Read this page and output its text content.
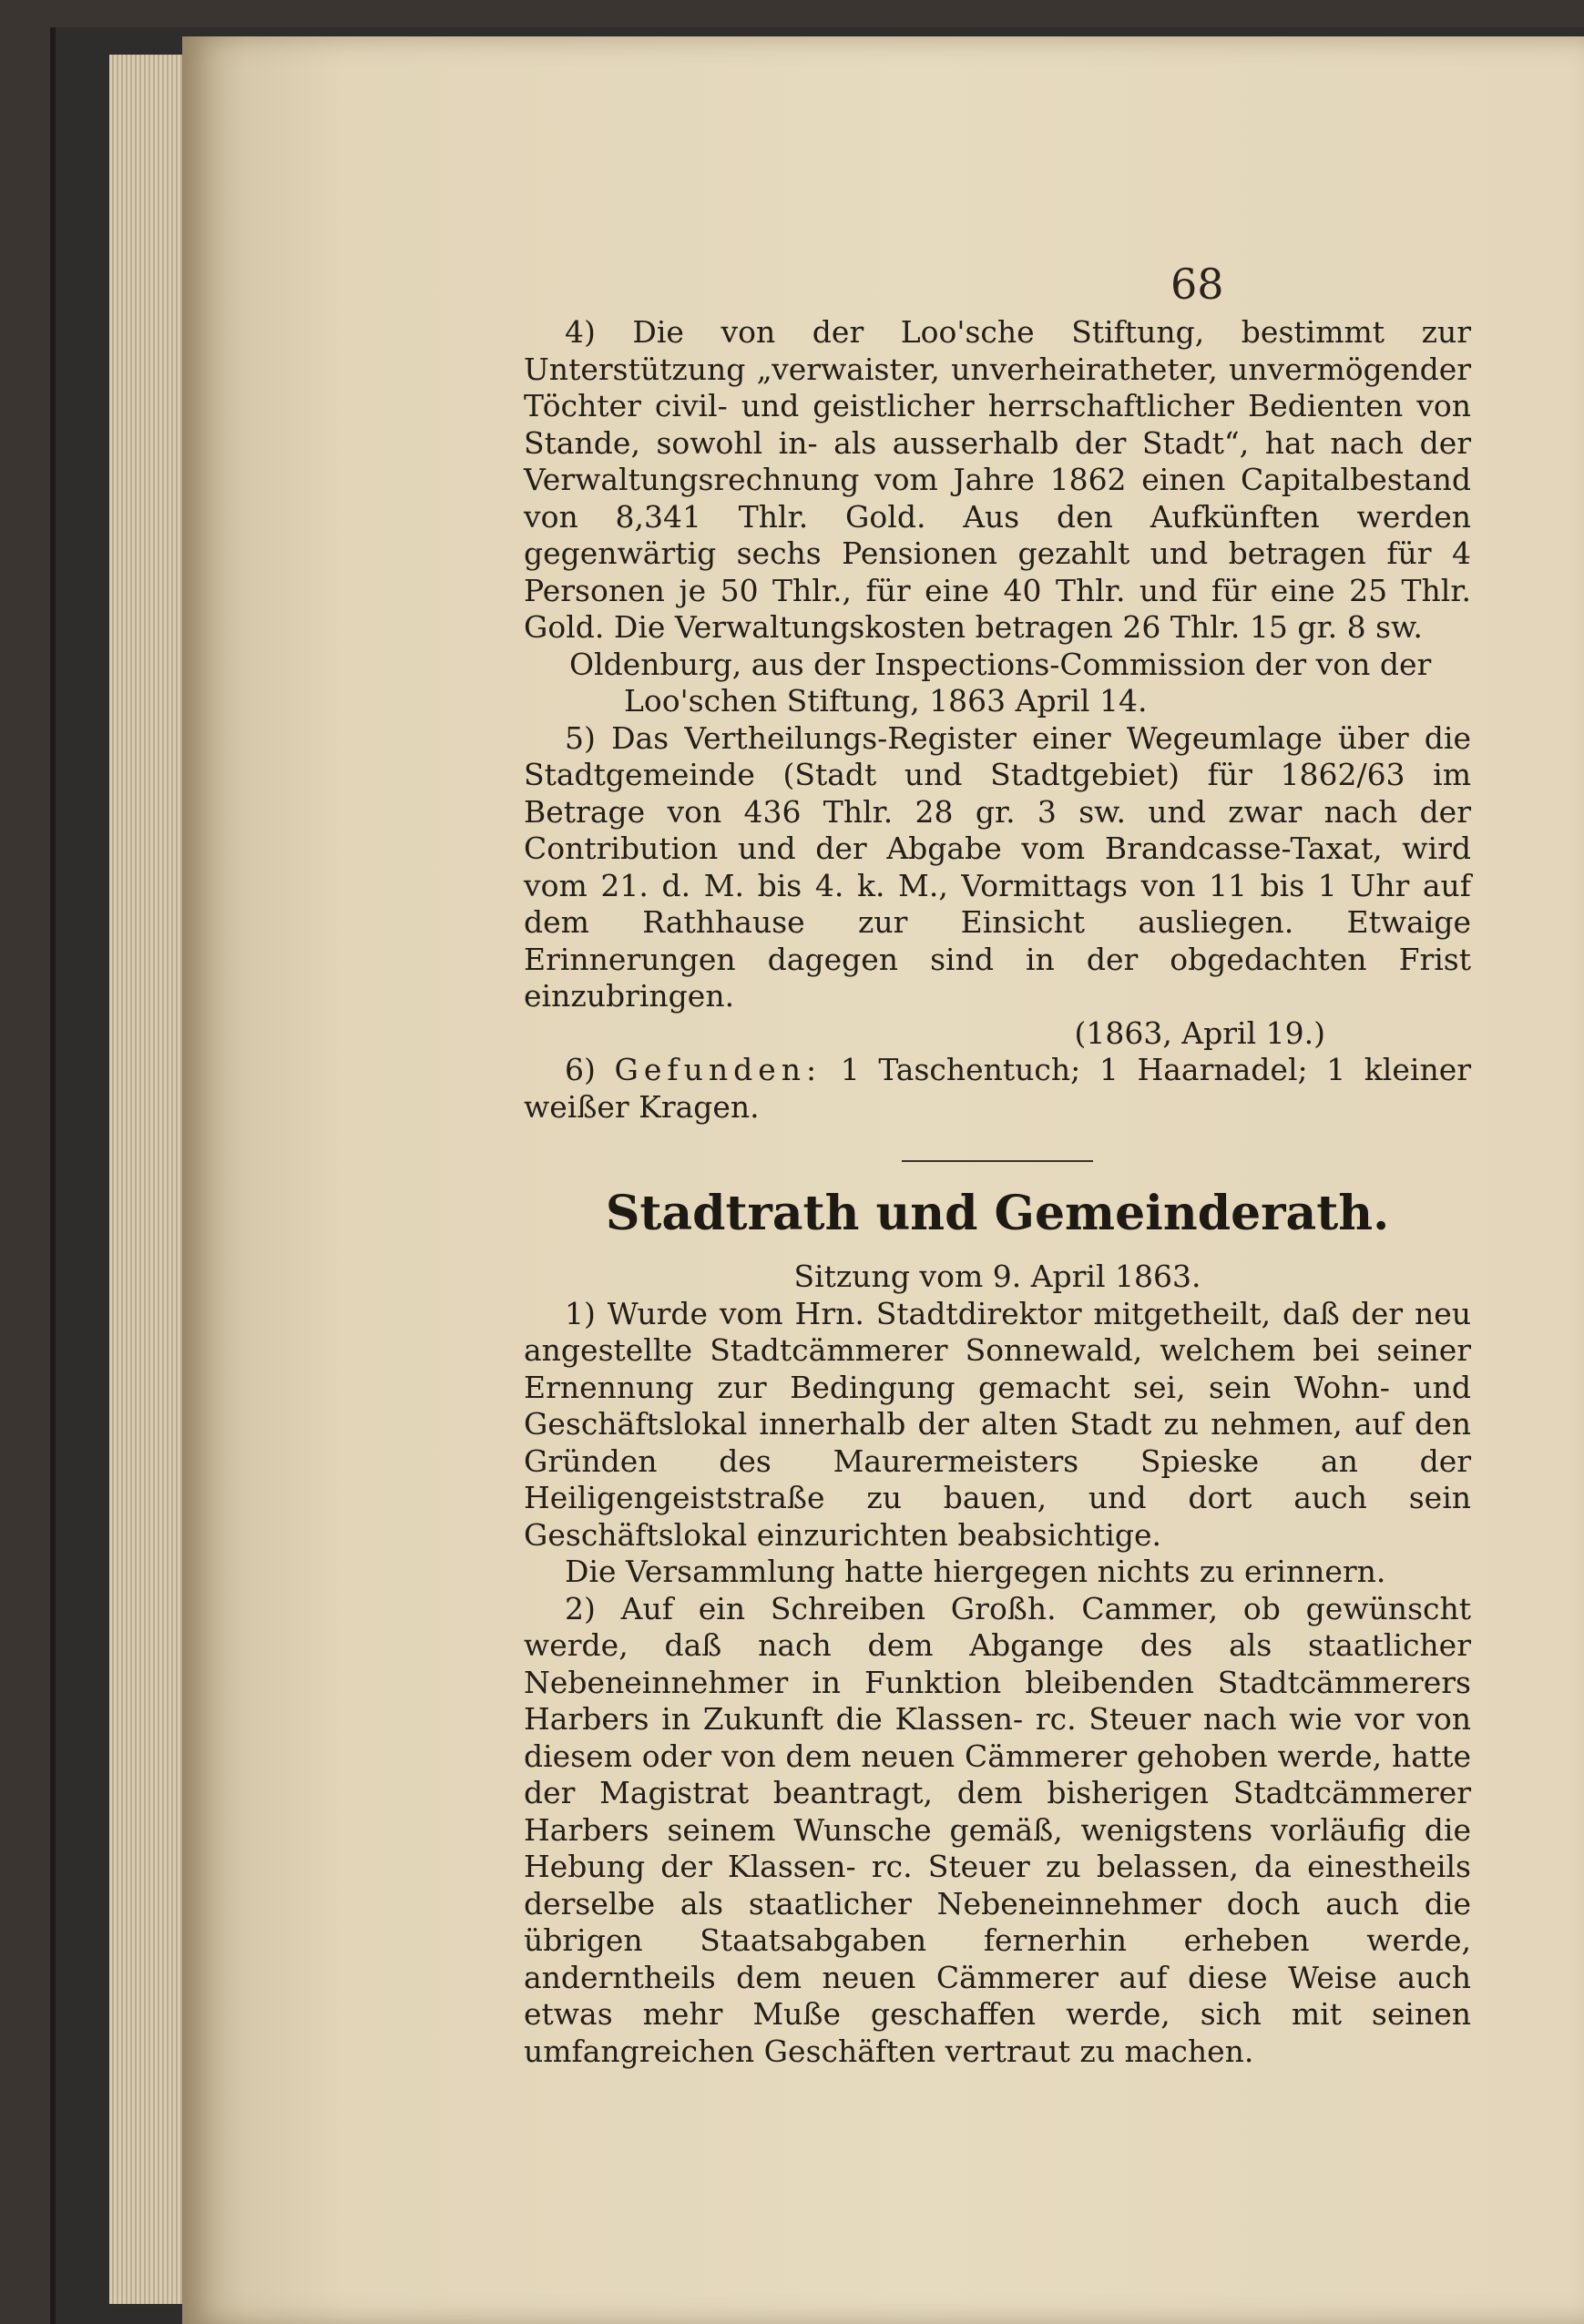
68

4) Die von der Loo'sche Stiftung, bestimmt zur Unterstützung „verwaister, unverheiratheter, unvermögender Töchter civil- und geistlicher herrschaftlicher Bedienten von Stande, sowohl in- als ausserhalb der Stadt“, hat nach der Verwaltungsrechnung vom Jahre 1862 einen Capitalbestand von 8,341 Thlr. Gold. Aus den Aufkünften werden gegenwärtig sechs Pensionen gezahlt und betragen für 4 Personen je 50 Thlr., für eine 40 Thlr. und für eine 25 Thlr. Gold. Die Verwaltungskosten betragen 26 Thlr. 15 gr. 8 sw.

Oldenburg, aus der Inspections-Commission der von der Loo'schen Stiftung, 1863 April 14.

5) Das Vertheilungs-Register einer Wegeumlage über die Stadtgemeinde (Stadt und Stadtgebiet) für 1862/63 im Betrage von 436 Thlr. 28 gr. 3 sw. und zwar nach der Contribution und der Abgabe vom Brandcasse-Taxat, wird vom 21. d. M. bis 4. k. M., Vormittags von 11 bis 1 Uhr auf dem Rathhause zur Einsicht ausliegen. Etwaige Erinnerungen dagegen sind in der obgedachten Frist einzubringen.

(1863, April 19.)

6) Gefunden: 1 Taschentuch; 1 Haarnadel; 1 kleiner weißer Kragen.

Stadtrath und Gemeinderath.

Sitzung vom 9. April 1863.

1) Wurde vom Hrn. Stadtdirektor mitgetheilt, daß der neu angestellte Stadtcämmerer Sonnewald, welchem bei seiner Ernennung zur Bedingung gemacht sei, sein Wohn- und Geschäftslokal innerhalb der alten Stadt zu nehmen, auf den Gründen des Maurermeisters Spieske an der Heiligengeiststraße zu bauen, und dort auch sein Geschäftslokal einzurichten beabsichtige.

Die Versammlung hatte hiergegen nichts zu erinnern.

2) Auf ein Schreiben Großh. Cammer, ob gewünscht werde, daß nach dem Abgange des als staatlicher Nebeneinnehmer in Funktion bleibenden Stadtcämmerers Harbers in Zukunft die Klassen- rc. Steuer nach wie vor von diesem oder von dem neuen Cämmerer gehoben werde, hatte der Magistrat beantragt, dem bisherigen Stadtcämmerer Harbers seinem Wunsche gemäß, wenigstens vorläufig die Hebung der Klassen- rc. Steuer zu belassen, da einestheils derselbe als staatlicher Nebeneinnehmer doch auch die übrigen Staatsabgaben fernerhin erheben werde, anderntheils dem neuen Cämmerer auf diese Weise auch etwas mehr Muße geschaffen werde, sich mit seinen umfangreichen Geschäften vertraut zu machen.
